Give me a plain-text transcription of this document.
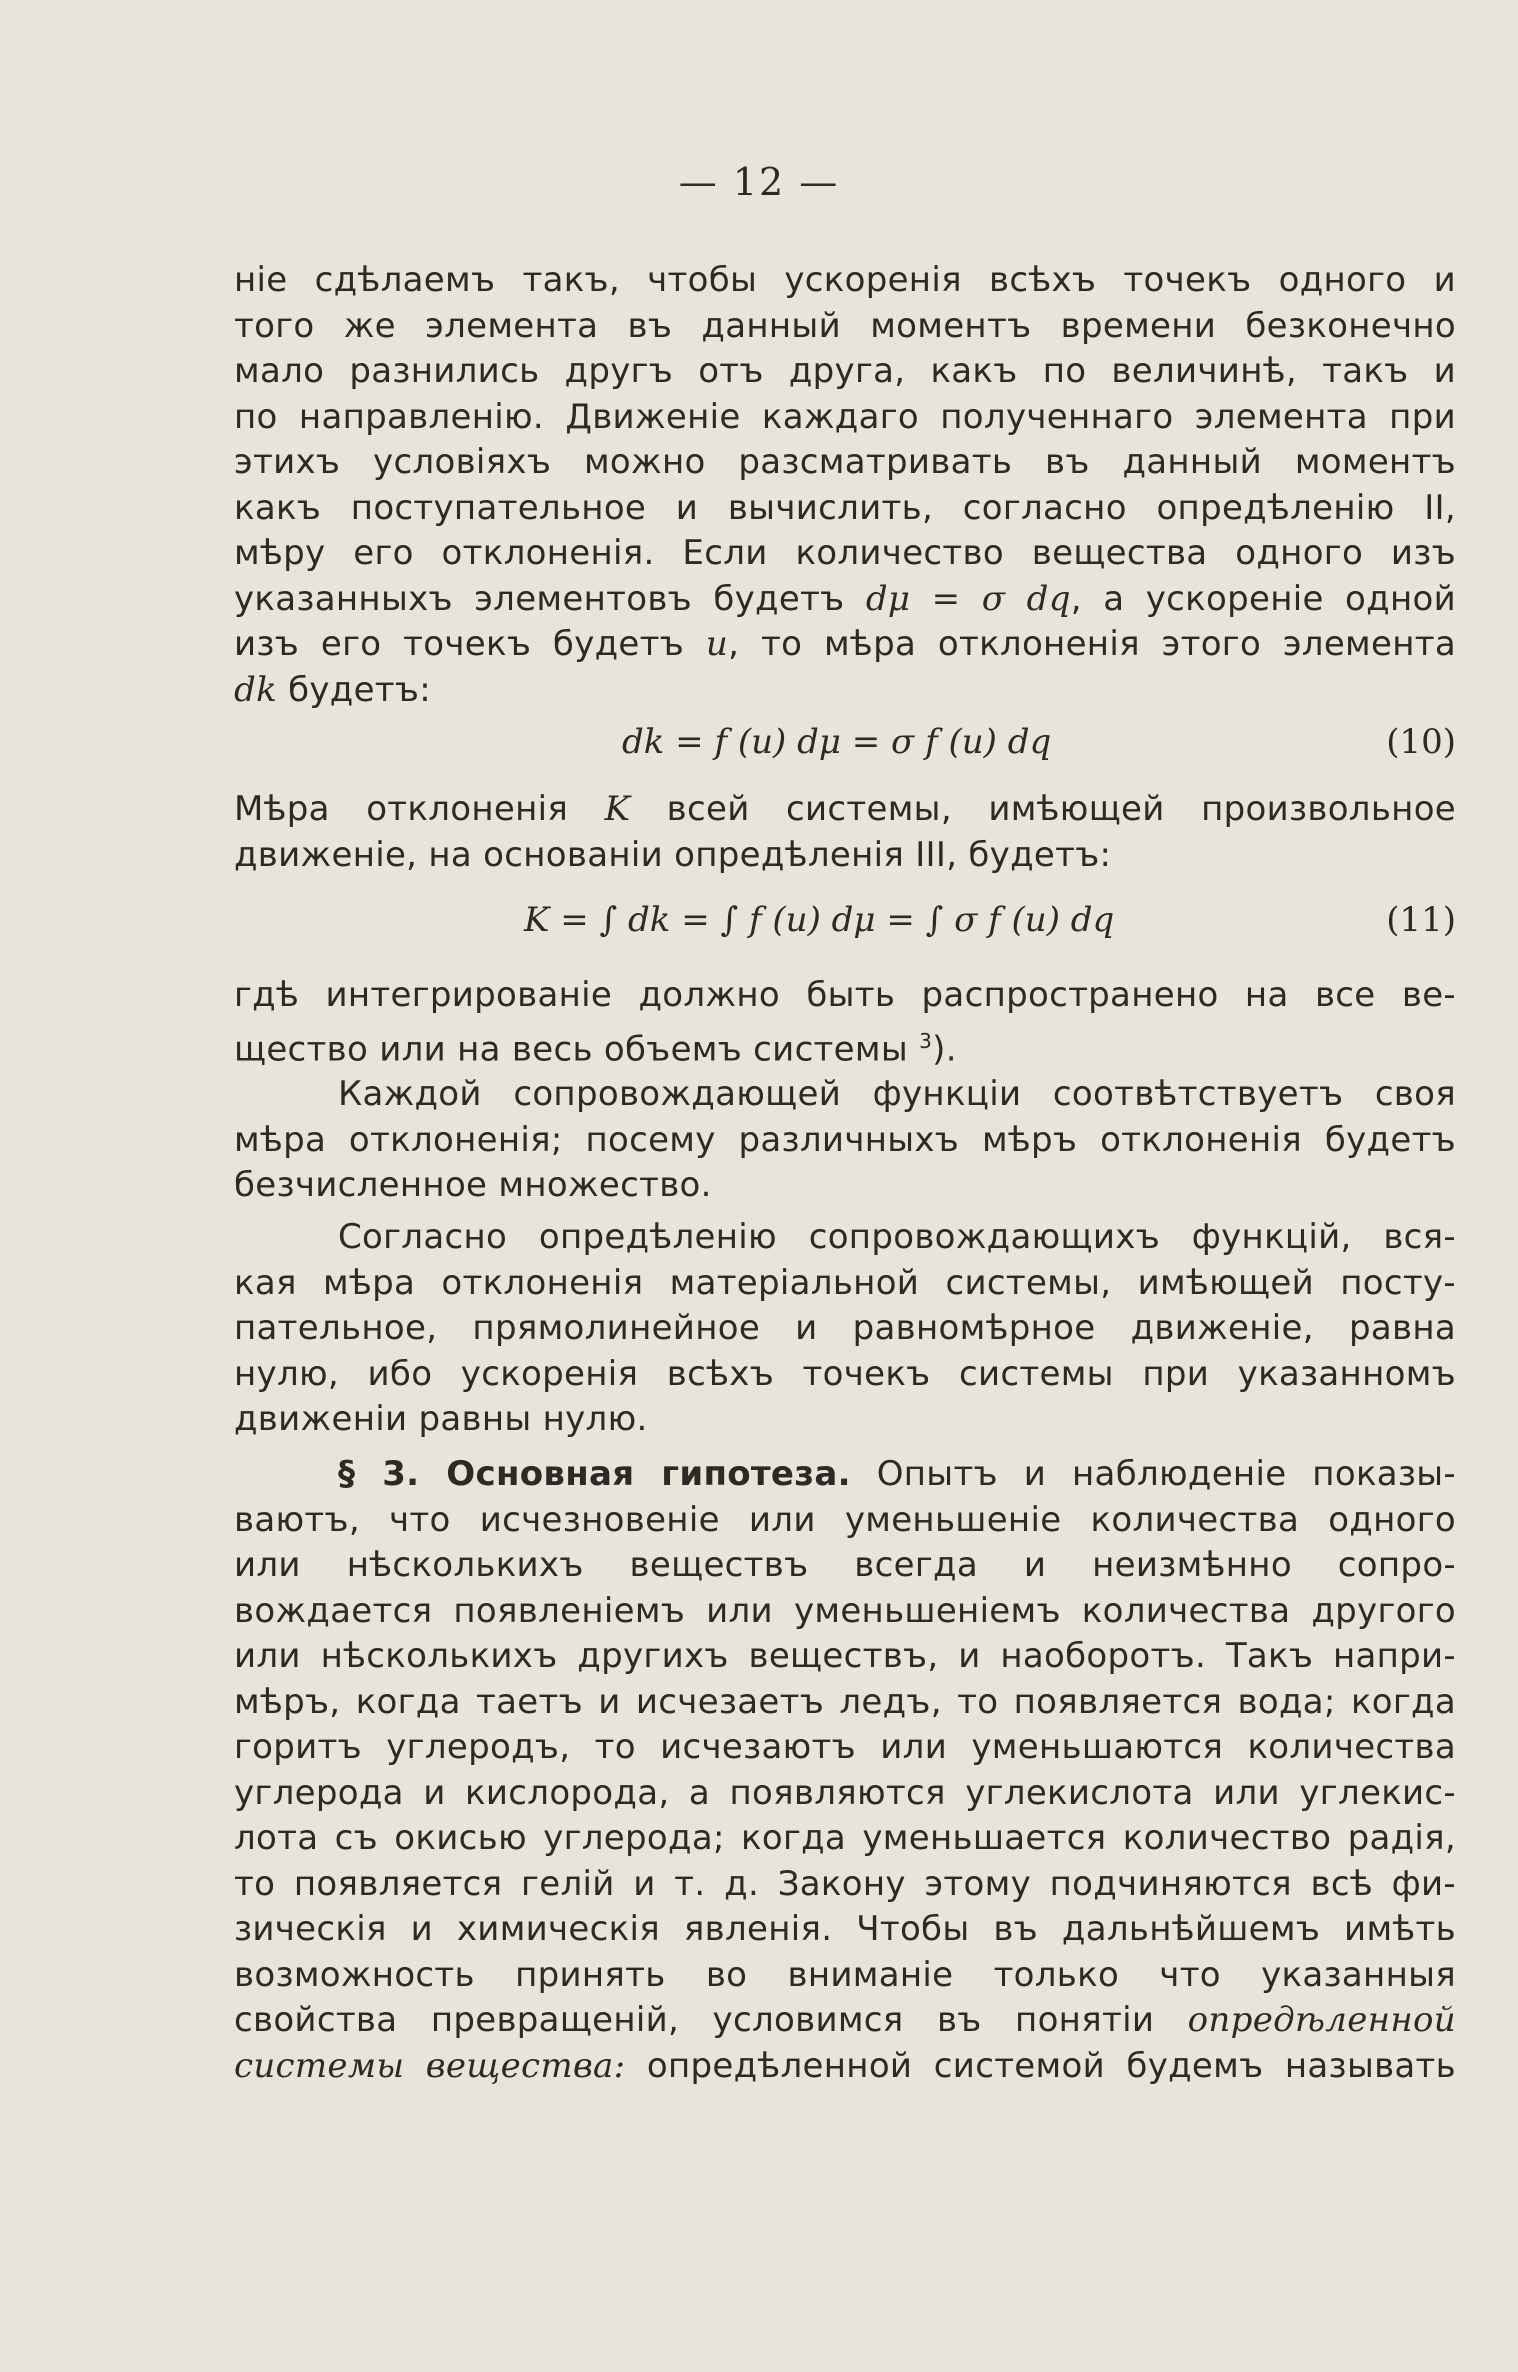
— 12 —
ніе сдѣлаемъ такъ, чтобы ускоренія всѣхъ точекъ одного и
того же элемента въ данный моментъ времени безконечно
мало разнились другъ отъ друга, какъ по величинѣ, такъ и
по направленію. Движеніе каждаго полученнаго элемента при
этихъ условіяхъ можно разсматривать въ данный моментъ
какъ поступательное и вычислить, согласно опредѣленію II,
мѣру его отклоненія. Если количество вещества одного изъ
указанныхъ элементовъ будетъ dμ = σ dq, а ускореніе одной
изъ его точекъ будетъ u, то мѣра отклоненія этого элемента
dk будетъ:
dk = f (u) dμ = σ f (u) dq	(10)
Мѣра отклоненія K всей системы, имѣющей произвольное
движеніе, на основаніи опредѣленія III, будетъ:
K = ∫ dk = ∫ f (u) dμ = ∫ σ f (u) dq	(11)
гдѣ интегрированіе должно быть распространено на все ве-
щество или на весь объемъ системы $^3$).
Каждой сопровождающей функціи соотвѣтствуетъ своя
мѣра отклоненія; посему различныхъ мѣръ отклоненія будетъ
безчисленное множество.
Согласно опредѣленію сопровождающихъ функцій, вся-
кая мѣра отклоненія матеріальной системы, имѣющей посту-
пательное, прямолинейное и равномѣрное движеніе, равна
нулю, ибо ускоренія всѣхъ точекъ системы при указанномъ
движеніи равны нулю.
§ 3. Основная гипотеза. Опытъ и наблюденіе показы-
ваютъ, что исчезновеніе или уменьшеніе количества одного
или нѣсколькихъ веществъ всегда и неизмѣнно сопро-
вождается появленіемъ или уменьшеніемъ количества другого
или нѣсколькихъ другихъ веществъ, и наоборотъ. Такъ напри-
мѣръ, когда таетъ и исчезаетъ ледъ, то появляется вода; когда
горитъ углеродъ, то исчезаютъ или уменьшаются количества
углерода и кислорода, а появляются углекислота или углекис-
лота съ окисью углерода; когда уменьшается количество радія,
то появляется гелій и т. д. Закону этому подчиняются всѣ фи-
зическія и химическія явленія. Чтобы въ дальнѣйшемъ имѣть
возможность принять во вниманіе только что указанныя
свойства превращеній, условимся въ понятіи опредѣленной
системы вещества: опредѣленной системой будемъ называть
